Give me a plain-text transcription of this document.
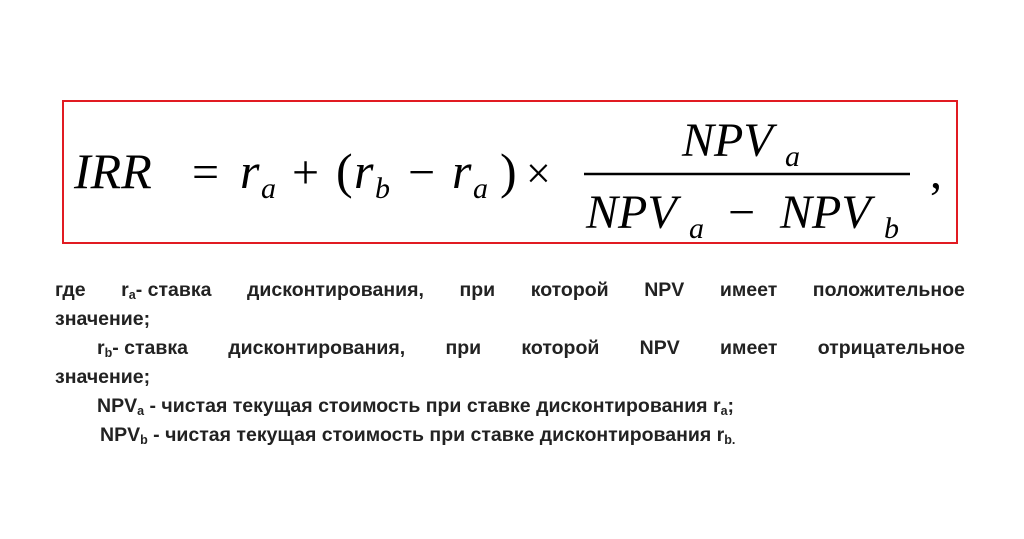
IRR = r a + ( r b − r a ) ×
NPV a
NPV a − NPV b
,
где $r_a-$ ставка дисконтирования, при которой NPV имеет положительное
значение;
$r_b-$ ставка дисконтирования, при которой NPV имеет отрицательное
значение;
$NPV_a$ - чистая текущая стоимость при ставке дисконтирования $r_a$;
$NPV_b$ - чистая текущая стоимость при ставке дисконтирования $r_{b.}$
